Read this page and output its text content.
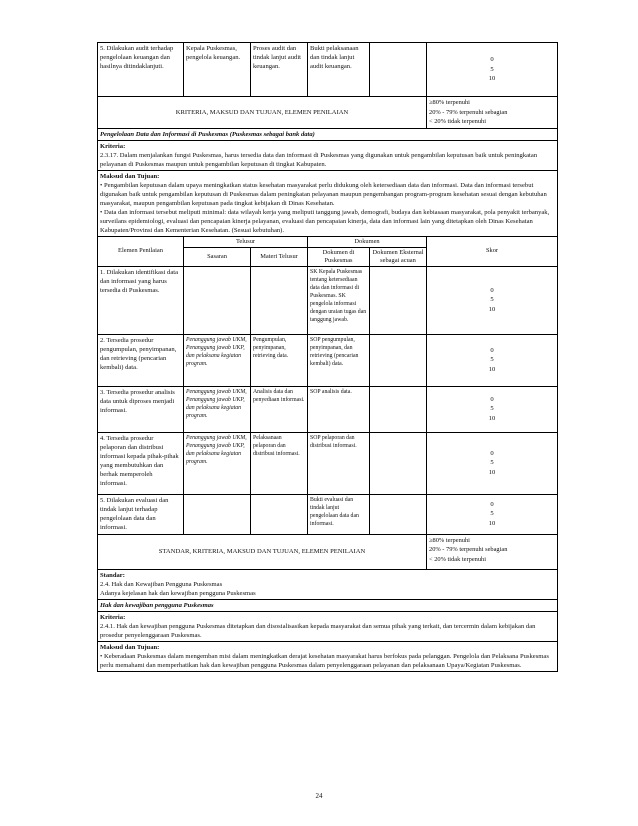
5. Dilakukan audit terhadap pengelolaan keuangan dan hasilnya ditindaklanjuti.	Kepala Puskesmas, pengelola keuangan.	Proses audit dan tindak lanjut audit keuangan.	Bukti pelaksanaan dan tindak lanjut audit keuangan.		0
5
10

KRITERIA, MAKSUD DAN TUJUAN, ELEMEN PENILAIAN					≥80% terpenuhi
20% - 79% terpenuhi sebagian
< 20% tidak terpenuhi

Pengelolaan Data dan Informasi di Puskesmas (Puskesmas sebagai bank data)					

Kriteria:
2.3.17. Dalam menjalankan fungsi Puskesmas, harus tersedia data dan informasi di Puskesmas yang digunakan untuk pengambilan keputusan baik untuk peningkatan pelayanan di Puskesmas maupun untuk pengambilan keputusan di tingkat Kabupaten.					

Maksud dan Tujuan:
• Pengambilan keputusan dalam upaya meningkatkan status kesehatan masyarakat perlu didukung oleh ketersediaan data dan informasi. Data dan informasi tersebut digunakan baik untuk pengambilan keputusan di Puskesmas dalam peningkatan pelayanan maupun pengembangan program-program kesehatan sesuai dengan kebutuhan masyarakat, maupun pengambilan keputusan pada tingkat kebijakan di Dinas Kesehatan.
• Data dan informasi tersebut meliputi minimal: data wilayah kerja yang meliputi tanggung jawab, demografi, budaya dan kebiasaan masyarakat, pola penyakit terbanyak, surveilans epidemiologi, evaluasi dan pencapaian kinerja pelayanan, evaluasi dan pencapaian kinerja, data dan informasi lain yang ditetapkan oleh Dinas Kesehatan Kabupaten/Provinsi dan Kementerian Kesehatan. (Sesuai kebutuhan).					

Elemen Penilaian	Telusur		Dokumen		Skor
	Sasaran	Materi Telusur	Dokumen di Puskesmas	Dokumen Eksternal sebagai acuan	
1. Dilakukan identifikasi data dan informasi yang harus tersedia di Puskesmas.			SK Kepala Puskesmas tentang ketersediaan data dan informasi di Puskesmas. SK pengelola informasi dengan uraian tugas dan tanggung jawab.		0
5
10

2. Tersedia prosedur pengumpulan, penyimpanan, dan retrieving (pencarian kembali) data.	Penanggung jawab UKM, Penanggung jawab UKP, dan pelaksana kegiatan program.	Pengumpulan, penyimpanan, retrieving data.	SOP pengumpulan, penyimpanan, dan retrieving (pencarian kembali) data.		0
5
10

3. Tersedia prosedur analisis data untuk diproses menjadi informasi.	Penanggung jawab UKM, Penanggung jawab UKP, dan pelaksana kegiatan program.	Analisis data dan penyediaan informasi.	SOP analisis data.		0
5
10

4. Tersedia prosedur pelaporan dan distribusi informasi kepada pihak-pihak yang membutuhkan dan berhak memperoleh informasi.	Penanggung jawab UKM, Penanggung jawab UKP, dan pelaksana kegiatan program.	Pelaksanaan pelaporan dan distribusi informasi.	SOP pelaporan dan distribusi informasi.		0
5
10

5. Dilakukan evaluasi dan tindak lanjut terhadap pengelolaan data dan informasi.			Bukti evaluasi dan tindak lanjut pengelolaan data dan informasi.		0
5
10

STANDAR, KRITERIA, MAKSUD DAN TUJUAN, ELEMEN PENILAIAN					≥80% terpenuhi
20% - 79% terpenuhi sebagian
< 20% tidak terpenuhi

Standar:
2.4. Hak dan Kewajiban Pengguna Puskesmas
Adanya kejelasan hak dan kewajiban pengguna Puskesmas					

Hak dan kewajiban pengguna Puskesmas					

Kriteria:
2.4.1. Hak dan kewajiban pengguna Puskesmas ditetapkan dan disosialisasikan kepada masyarakat dan semua pihak yang terkait, dan tercermin dalam kebijakan dan prosedur penyelenggaraan Puskesmas.					

Maksud dan Tujuan:
• Keberadaan Puskesmas dalam mengemban misi dalam meningkatkan derajat kesehatan masyarakat harus berfokus pada pelanggan. Pengelola dan Pelaksana Puskesmas perlu memahami dan memperhatikan hak dan kewajiban pengguna Puskesmas dalam penyelenggaraan pelayanan dan pelaksanaan Upaya/Kegiatan Puskesmas.					
24
